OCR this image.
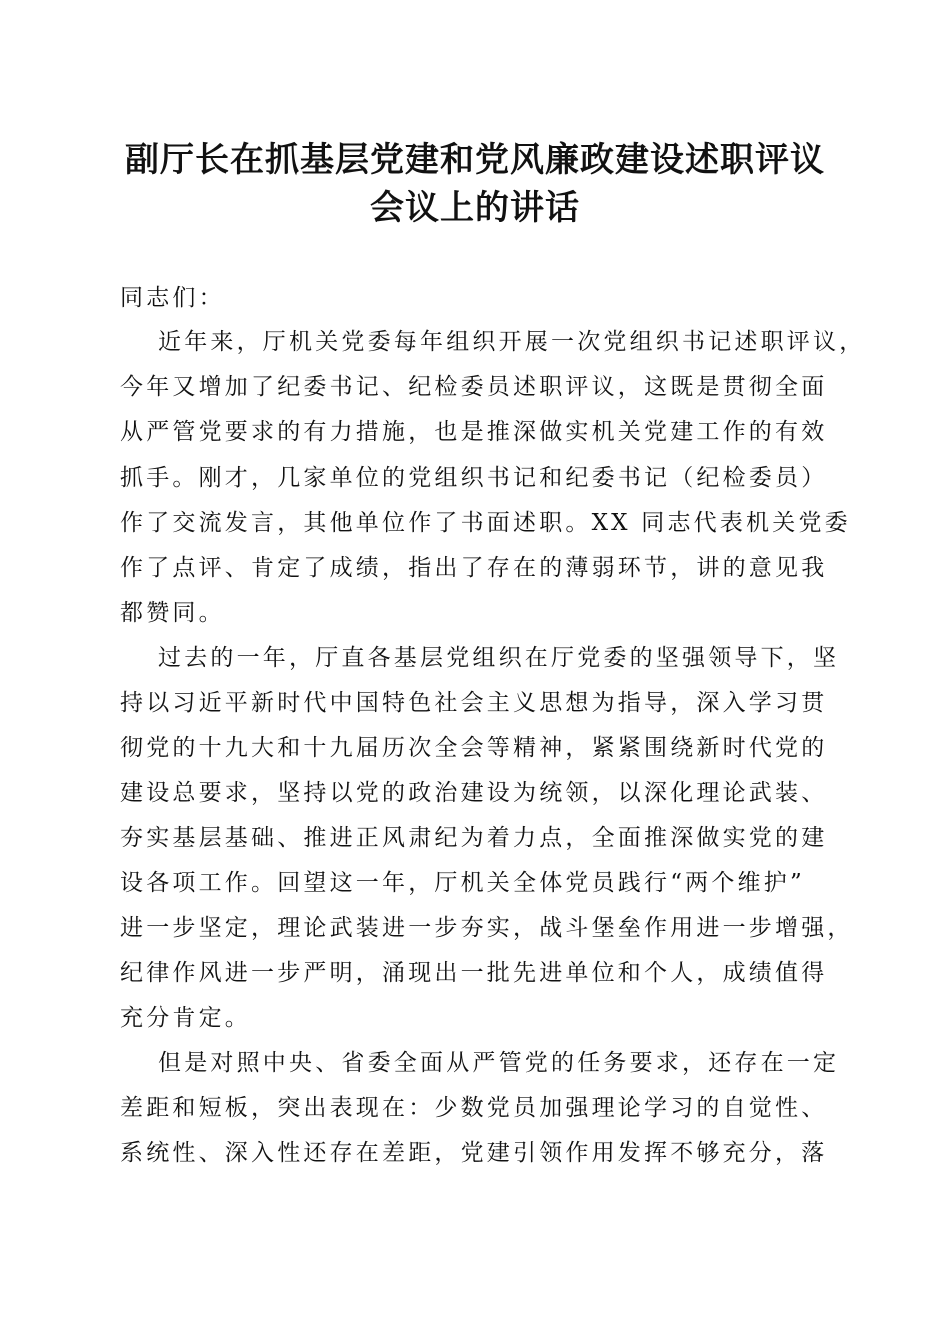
副厅长在抓基层党建和党风廉政建设述职评议
会议上的讲话
同志们：
近年来，厅机关党委每年组织开展一次党组织书记述职评议，
今年又增加了纪委书记、纪检委员述职评议，这既是贯彻全面
从严管党要求的有力措施，也是推深做实机关党建工作的有效
抓手。刚才，几家单位的党组织书记和纪委书记（纪检委员）
作了交流发言，其他单位作了书面述职。XX 同志代表机关党委
作了点评、肯定了成绩，指出了存在的薄弱环节，讲的意见我
都赞同。
过去的一年，厅直各基层党组织在厅党委的坚强领导下，坚
持以习近平新时代中国特色社会主义思想为指导，深入学习贯
彻党的十九大和十九届历次全会等精神，紧紧围绕新时代党的
建设总要求，坚持以党的政治建设为统领，以深化理论武装、
夯实基层基础、推进正风肃纪为着力点，全面推深做实党的建
设各项工作。回望这一年，厅机关全体党员践行“两个维护”
进一步坚定，理论武装进一步夯实，战斗堡垒作用进一步增强，
纪律作风进一步严明，涌现出一批先进单位和个人，成绩值得
充分肯定。
但是对照中央、省委全面从严管党的任务要求，还存在一定
差距和短板，突出表现在：少数党员加强理论学习的自觉性、
系统性、深入性还存在差距，党建引领作用发挥不够充分，落
